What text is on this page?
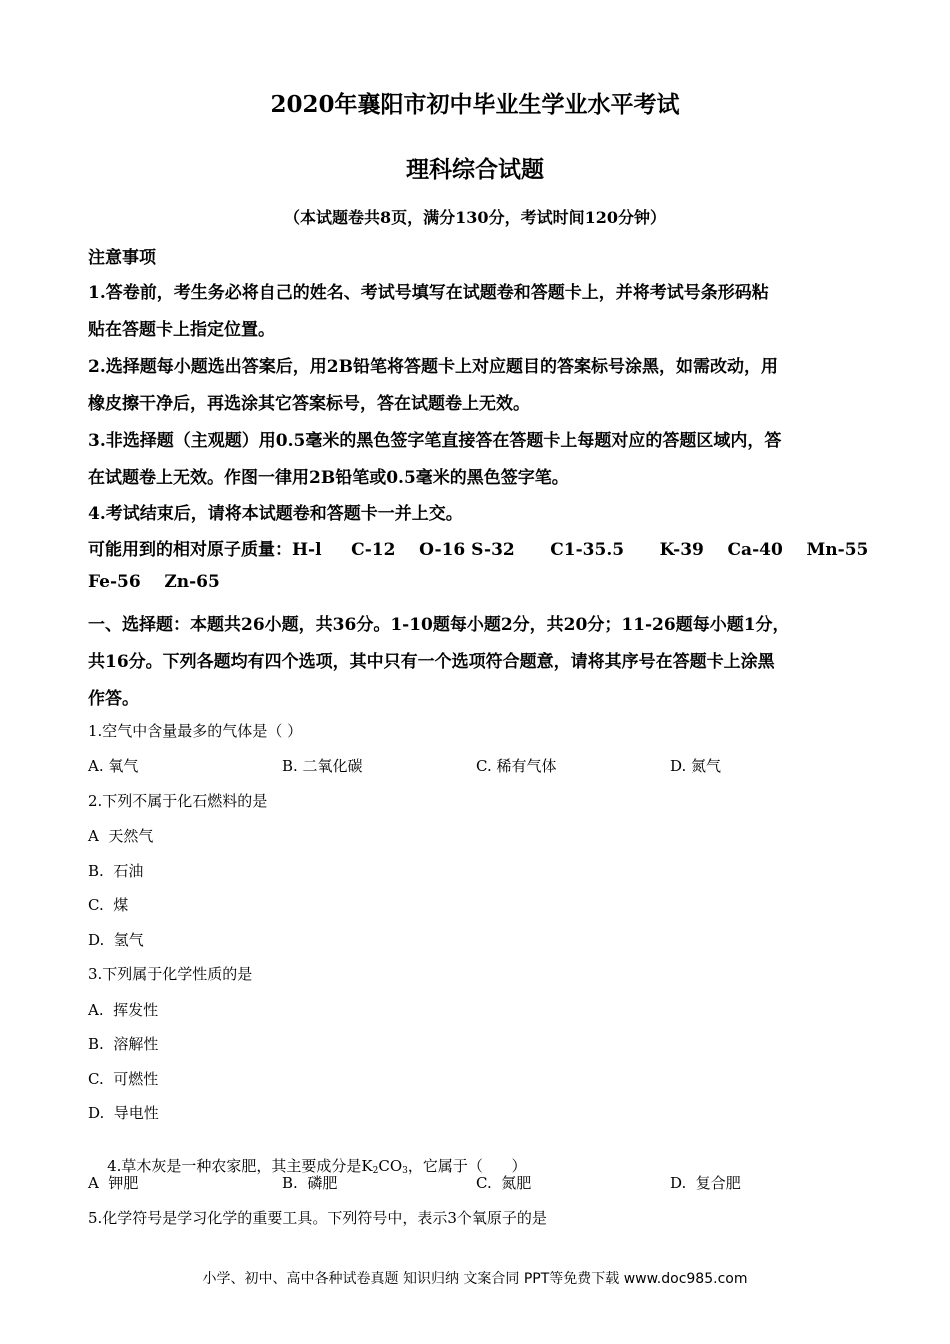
2020年襄阳市初中毕业生学业水平考试
理科综合试题
（本试题卷共8页，满分130分，考试时间120分钟）
注意事项
1.答卷前，考生务必将自己的姓名、考试号填写在试题卷和答题卡上，并将考试号条形码粘
贴在答题卡上指定位置。
2.选择题每小题选出答案后，用2B铅笔将答题卡上对应题目的答案标号涂黑，如需改动，用
橡皮擦干净后，再选涂其它答案标号，答在试题卷上无效。
3.非选择题（主观题）用0.5毫米的黑色签字笔直接答在答题卡上每题对应的答题区域内，答
在试题卷上无效。作图一律用2B铅笔或0.5毫米的黑色签字笔。
4.考试结束后，请将本试题卷和答题卡一并上交。
可能用到的相对原子质量：H-l     C-12    O-16 S-32      C1-35.5      K-39    Ca-40    Mn-55
Fe-56    Zn-65
一、选择题：本题共26小题，共36分。1-10题每小题2分，共20分；11-26题每小题1分，
共16分。下列各题均有四个选项，其中只有一个选项符合题意，请将其序号在答题卡上涂黑
作答。
1.空气中含量最多的气体是（ ）
A. 氧气	B. 二氧化碳	C. 稀有气体	D. 氮气
2.下列不属于化石燃料的是
A  天然气
B.  石油
C.  煤
D.  氢气
3.下列属于化学性质的是
A.  挥发性
B.  溶解性
C.  可燃性
D.  导电性

4.草木灰是一种农家肥，其主要成分是$K_2CO_3$，它属于（      ）

A  钾肥	B.  磷肥	C.  氮肥	D.  复合肥
5.化学符号是学习化学的重要工具。下列符号中，表示3个氧原子的是
小学、初中、高中各种试卷真题 知识归纳 文案合同 PPT等免费下载 www.doc985.com
